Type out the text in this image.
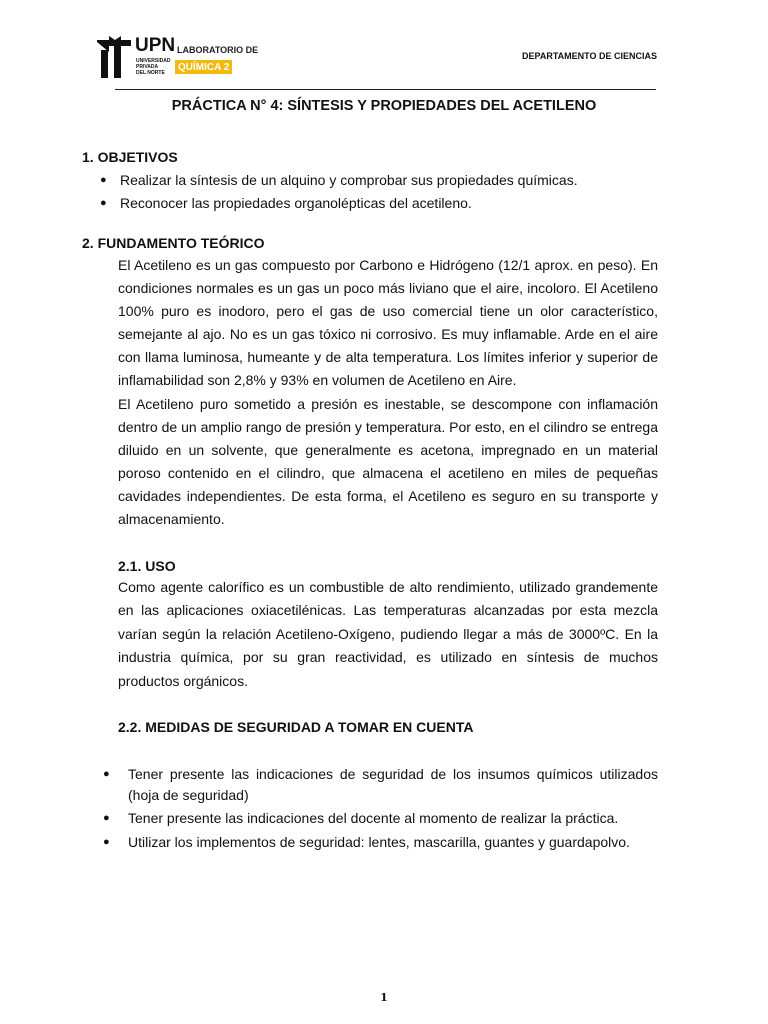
UPN
UNIVERSIDAD PRIVADA DEL NORTE
LABORATORIO DE
QUÍMICA 2
DEPARTAMENTO DE CIENCIAS
PRÁCTICA N° 4: SÍNTESIS Y PROPIEDADES DEL ACETILENO
1. OBJETIVOS
● Realizar la síntesis de un alquino y comprobar sus propiedades químicas.
● Reconocer las propiedades organolépticas del acetileno.
2. FUNDAMENTO TEÓRICO
El Acetileno es un gas compuesto por Carbono e Hidrógeno (12/1 aprox. en peso). En condiciones normales es un gas un poco más liviano que el aire, incoloro. El Acetileno 100% puro es inodoro, pero el gas de uso comercial tiene un olor característico, semejante al ajo. No es un gas tóxico ni corrosivo. Es muy inflamable. Arde en el aire con llama luminosa, humeante y de alta temperatura. Los límites inferior y superior de inflamabilidad son 2,8% y 93% en volumen de Acetileno en Aire.
El Acetileno puro sometido a presión es inestable, se descompone con inflamación dentro de un amplio rango de presión y temperatura. Por esto, en el cilindro se entrega diluido en un solvente, que generalmente es acetona, impregnado en un material poroso contenido en el cilindro, que almacena el acetileno en miles de pequeñas cavidades independientes. De esta forma, el Acetileno es seguro en su transporte y almacenamiento.
2.1. USO
Como agente calorífico es un combustible de alto rendimiento, utilizado grandemente en las aplicaciones oxiacetilénicas. Las temperaturas alcanzadas por esta mezcla varían según la relación Acetileno-Oxígeno, pudiendo llegar a más de 3000ºC. En la industria química, por su gran reactividad, es utilizado en síntesis de muchos productos orgánicos.
2.2. MEDIDAS DE SEGURIDAD A TOMAR EN CUENTA
● Tener presente las indicaciones de seguridad de los insumos químicos utilizados (hoja de seguridad)
● Tener presente las indicaciones del docente al momento de realizar la práctica.
● Utilizar los implementos de seguridad: lentes, mascarilla, guantes y guardapolvo.
1
